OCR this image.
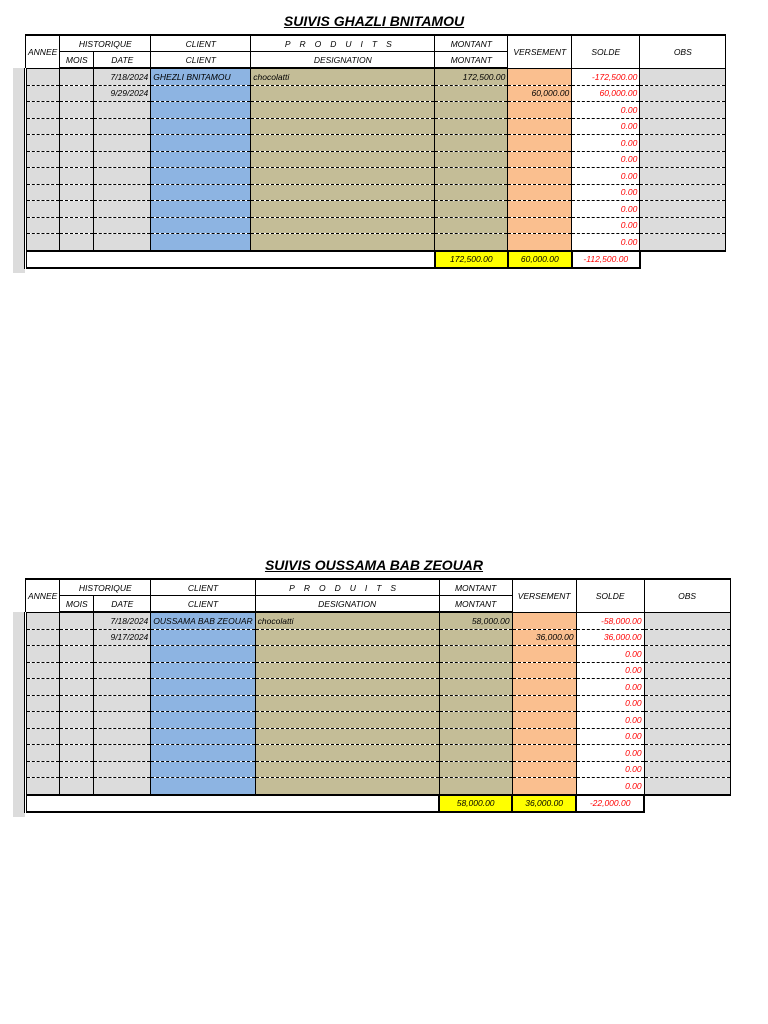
SUIVIS GHAZLI BNITAMOU
ANNEE	HISTORIQUE		CLIENT	PRODUITS	MONTANT	VERSEMENT	SOLDE	OBS
	MOIS	DATE	CLIENT	DESIGNATION	MONTANT			
		7/18/2024	GHEZLI BNITAMOU	chocolatti	172,500.00		-172,500.00	
		9/29/2024				60,000.00	60,000.00	
							0.00	
							0.00	
							0.00	
							0.00	
							0.00	
							0.00	
							0.00	
							0.00	
							0.00	
					172,500.00	60,000.00	-112,500.00	
SUIVIS OUSSAMA BAB ZEOUAR
ANNEE	HISTORIQUE		CLIENT	PRODUITS	MONTANT	VERSEMENT	SOLDE	OBS
	MOIS	DATE	CLIENT	DESIGNATION	MONTANT			
		7/18/2024	OUSSAMA BAB ZEOUAR	chocolatti	58,000.00		-58,000.00	
		9/17/2024				36,000.00	36,000.00	
							0.00	
							0.00	
							0.00	
							0.00	
							0.00	
							0.00	
							0.00	
							0.00	
							0.00	
					58,000.00	36,000.00	-22,000.00	
